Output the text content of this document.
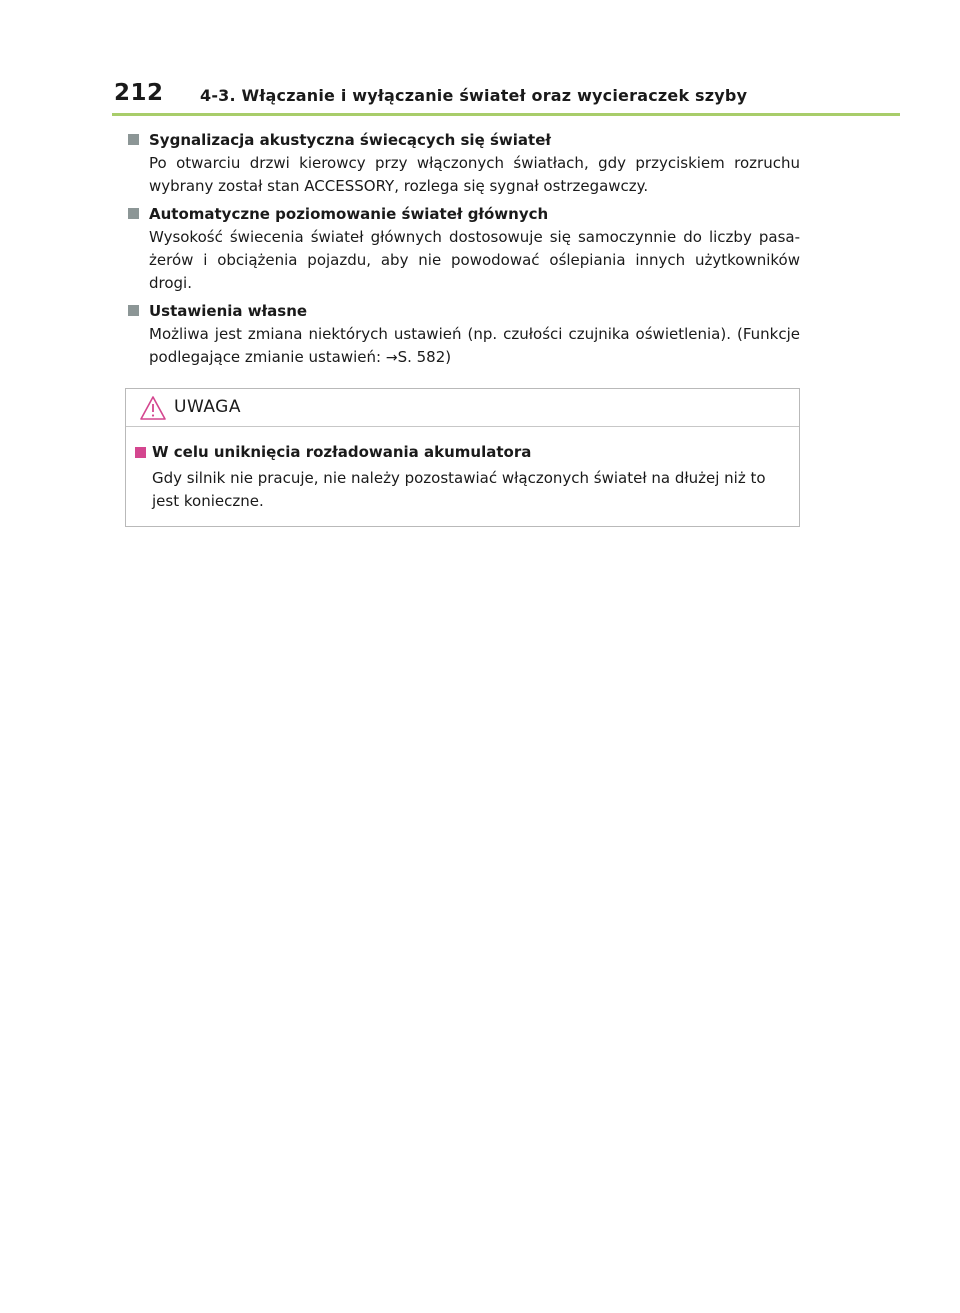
212 4-3. Włączanie i wyłączanie świateł oraz wycieraczek szyby
Sygnalizacja akustyczna świecących się świateł
Po otwarciu drzwi kierowcy przy włączonych światłach, gdy przyciskiem rozruchu wybrany został stan ACCESSORY, rozlega się sygnał ostrzegawczy.
Automatyczne poziomowanie świateł głównych
Wysokość świecenia świateł głównych dostosowuje się samoczynnie do liczby pasa-żerów i obciążenia pojazdu, aby nie powodować oślepiania innych użytkowników drogi.
Ustawienia własne
Możliwa jest zmiana niektórych ustawień (np. czułości czujnika oświetlenia). (Funkcje podlegające zmianie ustawień: →S. 582)
UWAGA
W celu uniknięcia rozładowania akumulatora
Gdy silnik nie pracuje, nie należy pozostawiać włączonych świateł na dłużej niż to jest konieczne.
